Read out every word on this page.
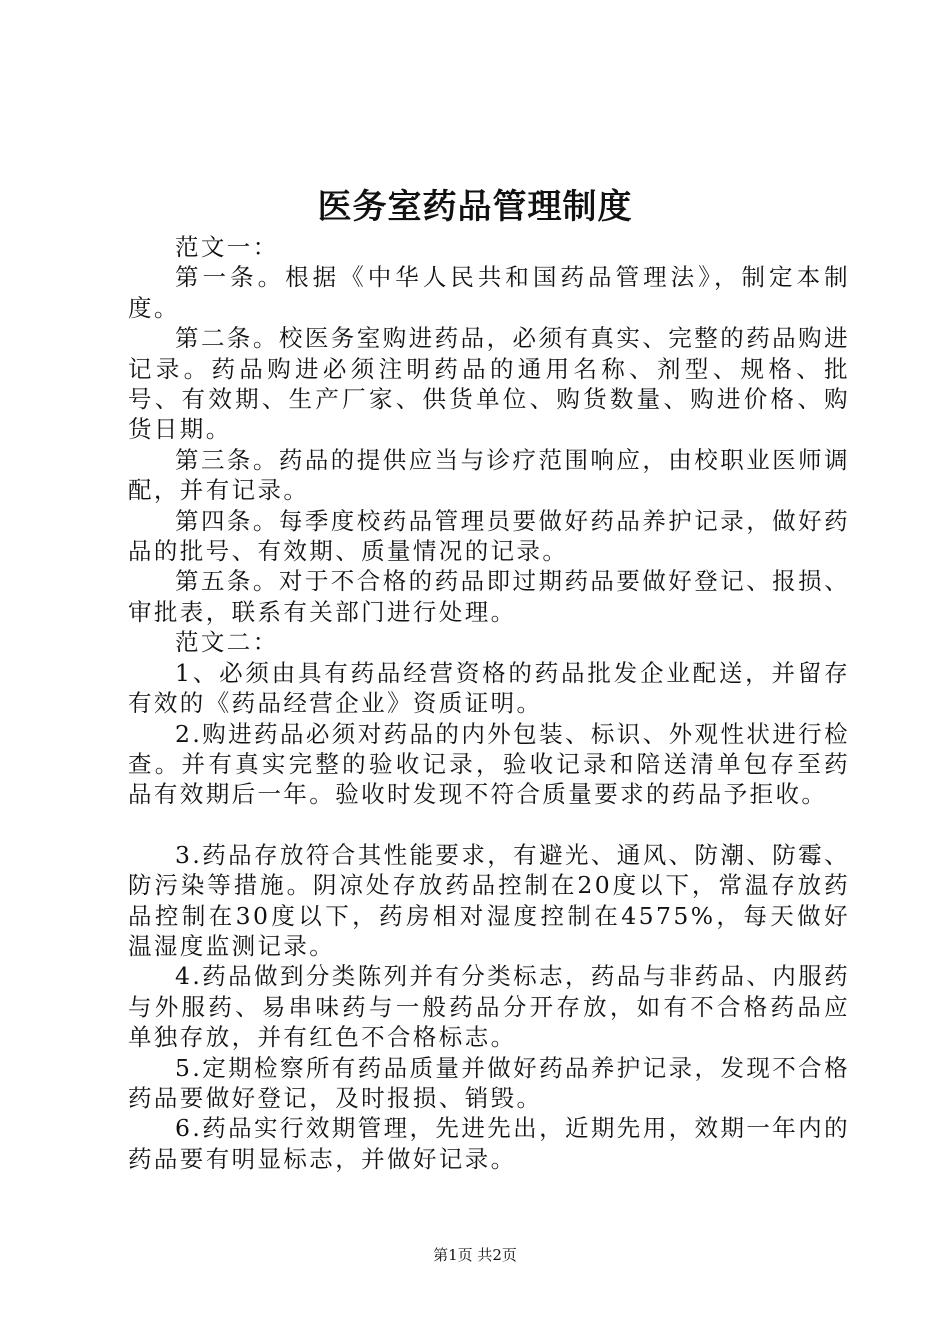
医务室药品管理制度

范文一：

第一条。根据《中华人民共和国药品管理法》，制定本制度。

第二条。校医务室购进药品，必须有真实、完整的药品购进记录。药品购进必须注明药品的通用名称、剂型、规格、批号、有效期、生产厂家、供货单位、购货数量、购进价格、购货日期。

第三条。药品的提供应当与诊疗范围响应，由校职业医师调配，并有记录。

第四条。每季度校药品管理员要做好药品养护记录，做好药品的批号、有效期、质量情况的记录。

第五条。对于不合格的药品即过期药品要做好登记、报损、审批表，联系有关部门进行处理。

范文二：

1、必须由具有药品经营资格的药品批发企业配送，并留存有效的《药品经营企业》资质证明。

2.购进药品必须对药品的内外包装、标识、外观性状进行检查。并有真实完整的验收记录，验收记录和陪送清单包存至药品有效期后一年。验收时发现不符合质量要求的药品予拒收。

3.药品存放符合其性能要求，有避光、通风、防潮、防霉、防污染等措施。阴凉处存放药品控制在20度以下，常温存放药品控制在30度以下，药房相对湿度控制在4575%，每天做好温湿度监测记录。

4.药品做到分类陈列并有分类标志，药品与非药品、内服药与外服药、易串味药与一般药品分开存放，如有不合格药品应单独存放，并有红色不合格标志。

5.定期检察所有药品质量并做好药品养护记录，发现不合格药品要做好登记，及时报损、销毁。

6.药品实行效期管理，先进先出，近期先用，效期一年内的药品要有明显标志，并做好记录。

第1页 共2页
